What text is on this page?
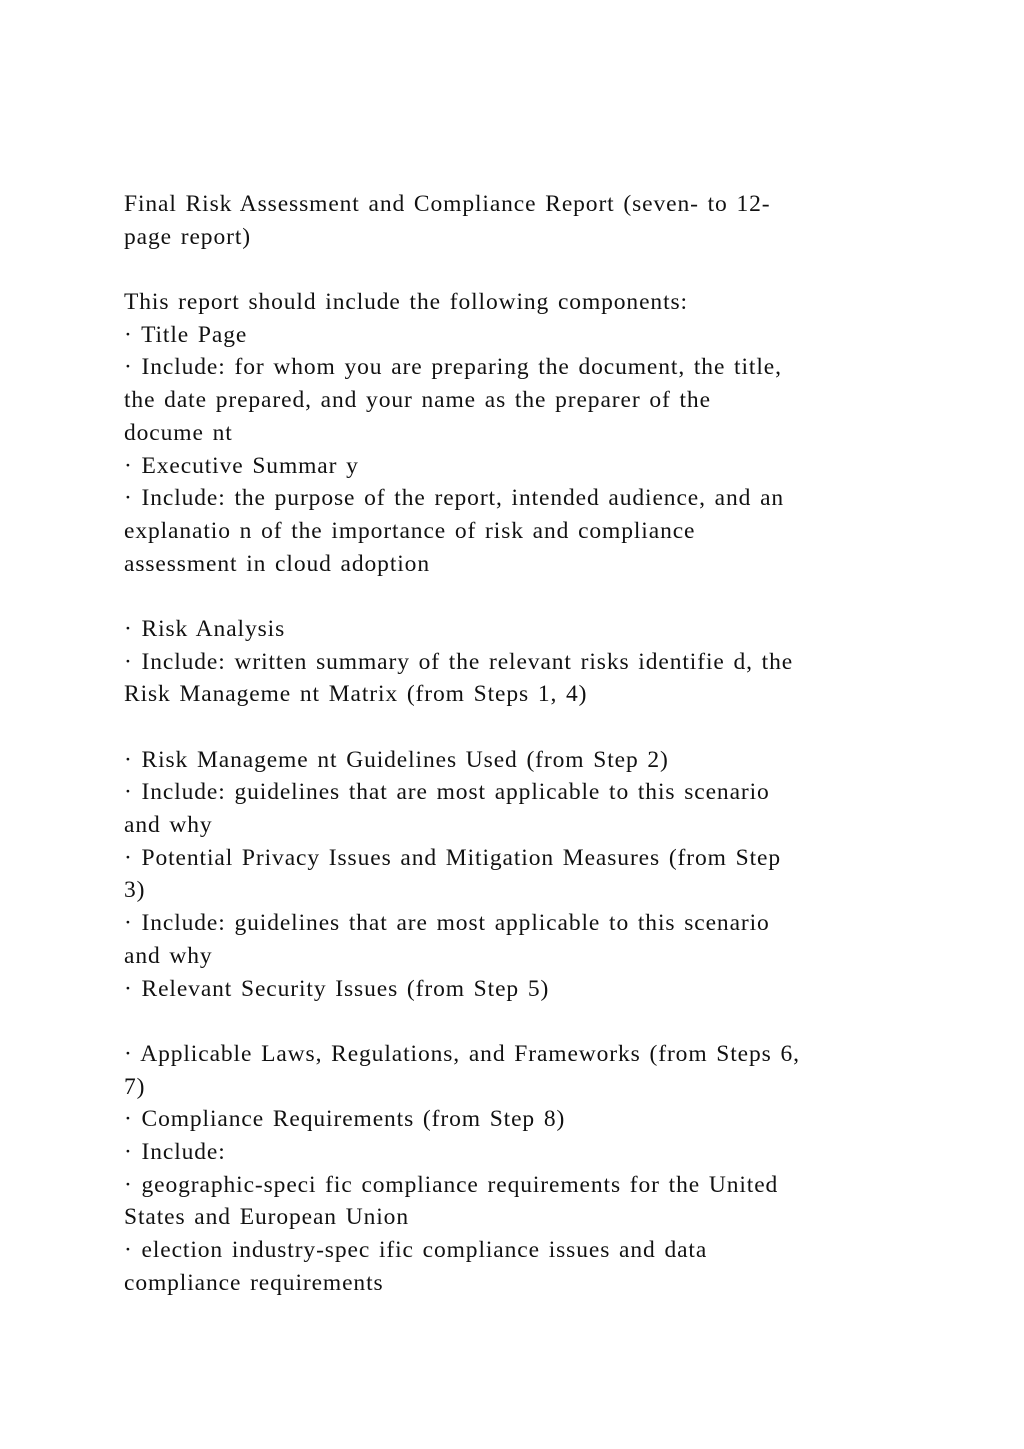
Final Risk Assessment and Compliance Report (seven- to 12-
page report)
This report should include the following components:
· Title Page
· Include: for whom you are preparing the document, the title,
the date prepared, and your name as the preparer of the
docume nt
· Executive Summar y
· Include: the purpose of the report, intended audience, and an
explanatio n of the importance of risk and compliance
assessment in cloud adoption
· Risk Analysis
· Include: written summary of the relevant risks identifie d, the
Risk Manageme nt Matrix (from Steps 1, 4)
· Risk Manageme nt Guidelines Used (from Step 2)
· Include: guidelines that are most applicable to this scenario
and why
· Potential Privacy Issues and Mitigation Measures (from Step
3)
· Include: guidelines that are most applicable to this scenario
and why
· Relevant Security Issues (from Step 5)
· Applicable Laws, Regulations, and Frameworks (from Steps 6,
7)
· Compliance Requirements (from Step 8)
· Include:
· geographic-speci fic compliance requirements for the United
States and European Union
· election industry-spec ific compliance issues and data
compliance requirements
